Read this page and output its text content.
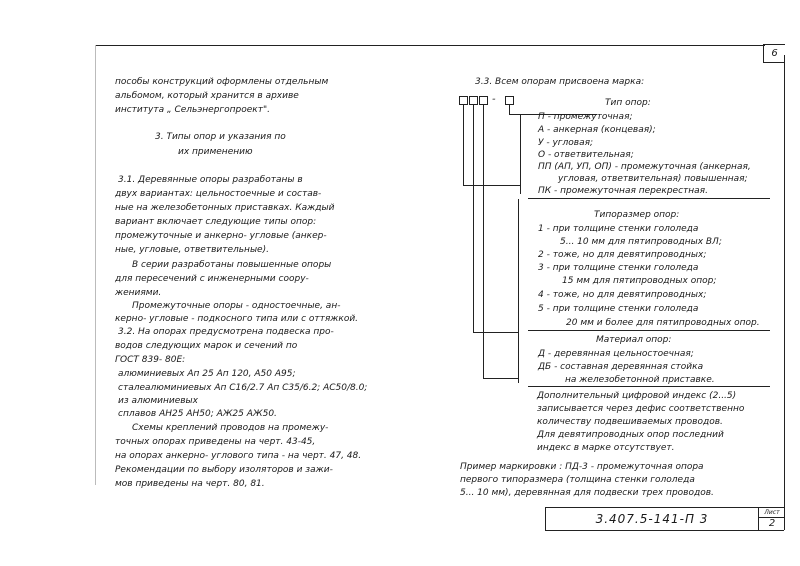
6
пособы конструкций оформлены отдельным
альбомом, который хранится в архиве
института „ Сельэнергопроект".
3. Типы опор и указания по
их применению
3.1. Деревянные опоры разработаны в
двух вариантах: цельностоечные и состав-
ные на железобетонных приставках. Каждый
вариант включает следующие типы опор:
промежуточные и анкерно- угловые (анкер-
ные, угловые, ответвительные).
В серии разработаны повышенные опоры
для пересечений с инженерными соору-
жениями.
Промежуточные опоры - одностоечные, ан-
керно- угловые - подкосного типа или с оттяжкой.
3.2. На опорах предусмотрена подвеска про-
водов следующих марок и сечений по
ГОСТ 839- 80Е:
алюминиевых Ап 25 Ап 120, А50 А95;
сталеалюминиевых Ап С16/2.7 Ап С35/6.2; АС50/8.0;
из алюминиевых
сплавов АН25 АН50; АЖ25 АЖ50.
Схемы креплений проводов на промежу-
точных опорах приведены на черт. 43-45,
на опорах анкерно- углового типа - на черт. 47, 48.
Рекомендации по выбору изоляторов и зажи-
мов приведены на черт. 80, 81.
3.3. Всем опорам присвоена марка:
-	Тип опор:
П - промежуточная;
А - анкерная (концевая);
У - угловая;
О - ответвительная;
ПП (АП, УП, ОП) - промежуточная (анкерная,
угловая, ответвительная) повышенная;
ПК - промежуточная перекрестная.
Типоразмер опор:
1 - при толщине стенки гололеда
5... 10 мм для пятипроводных ВЛ;
2 - тоже, но для девятипроводных;
3 - при толщине стенки гололеда
15 мм для пятипроводных опор;
4 - тоже, но для девятипроводных;
5 - при толщине стенки гололеда
20 мм и более для пятипроводных опор.
Материал опор:
Д - деревянная цельностоечная;
ДБ - составная деревянная стойка
на железобетонной приставке.
Дополнительный цифровой индекс (2...5)
записывается через дефис соответственно
количеству подвешиваемых проводов.
Для девятипроводных опор последний
индекс в марке отсутствует.
Пример маркировки : ПД-3 - промежуточная опора
первого типоразмера (толщина стенки гололеда
5... 10 мм), деревянная для подвески трех проводов.
3.407.5-141-П 3	Лист
2
